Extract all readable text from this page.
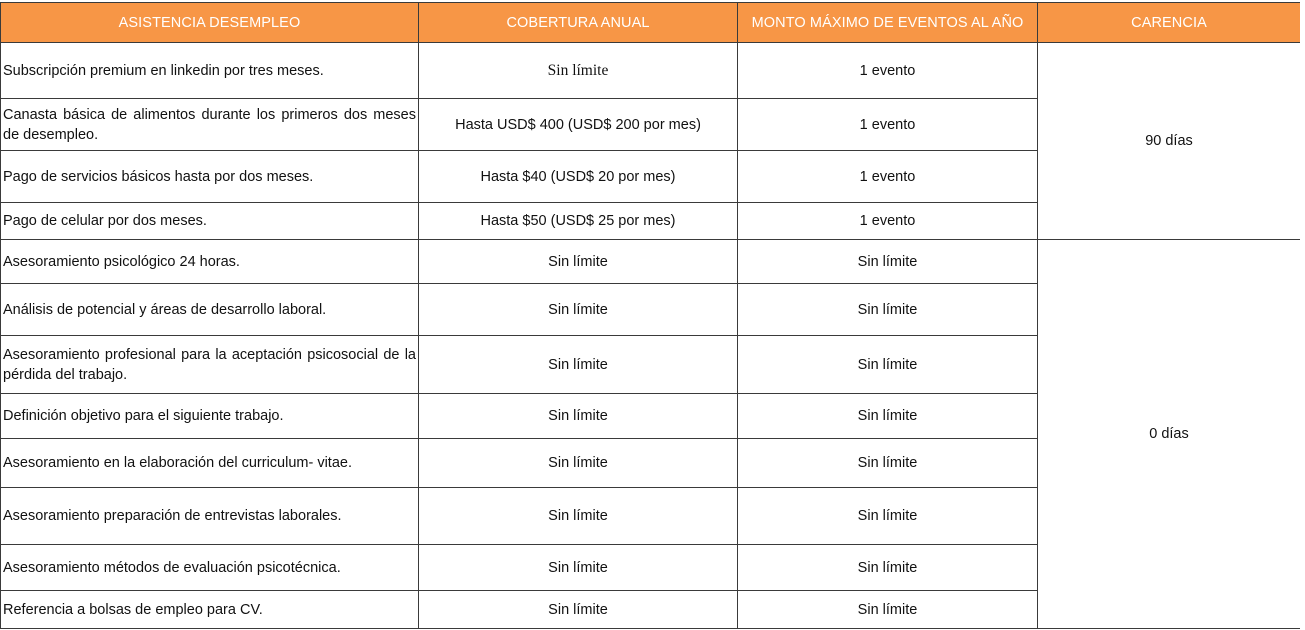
ASISTENCIA DESEMPLEO	COBERTURA ANUAL	MONTO MÁXIMO DE EVENTOS AL AÑO	CARENCIA
Subscripción premium en linkedin por tres meses.	Sin límite	1 evento	90 días
Canasta básica de alimentos durante los primeros dos meses de desempleo.	Hasta USD$ 400 (USD$ 200 por mes)	1 evento	
Pago de servicios básicos hasta por dos meses.	Hasta $40 (USD$ 20 por mes)	1 evento	
Pago de celular por dos meses.	Hasta $50 (USD$ 25 por mes)	1 evento	
Asesoramiento psicológico 24 horas.	Sin límite	Sin límite	0 días
Análisis de potencial y áreas de desarrollo laboral.	Sin límite	Sin límite	
Asesoramiento profesional para la aceptación psicosocial de la pérdida del trabajo.	Sin límite	Sin límite	
Definición objetivo para el siguiente trabajo.	Sin límite	Sin límite	
Asesoramiento en la elaboración del curriculum- vitae.	Sin límite	Sin límite	
Asesoramiento preparación de entrevistas laborales.	Sin límite	Sin límite	
Asesoramiento métodos de evaluación psicotécnica.	Sin límite	Sin límite	
Referencia a bolsas de empleo para CV.	Sin límite	Sin límite	
